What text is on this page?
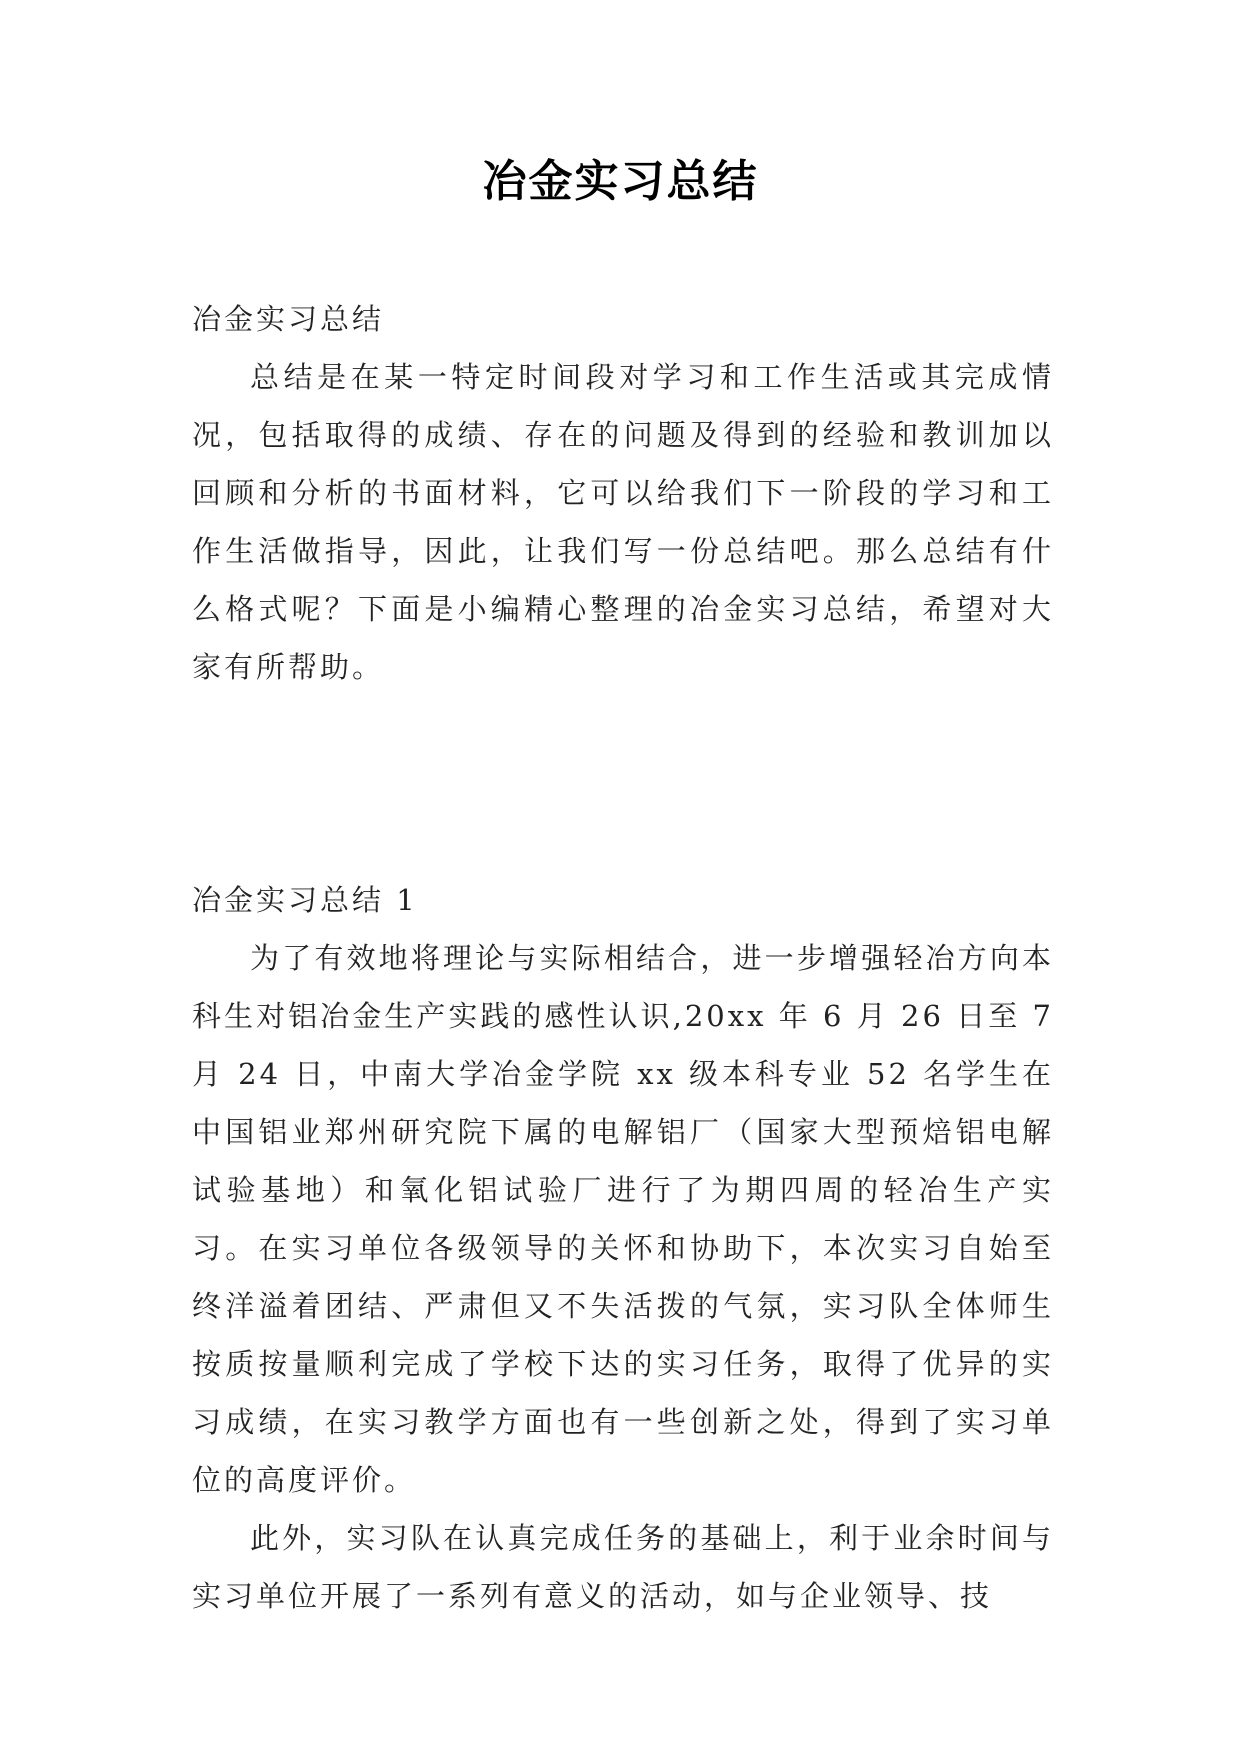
冶金实习总结

冶金实习总结

总结是在某一特定时间段对学习和工作生活或其完成情况，包括取得的成绩、存在的问题及得到的经验和教训加以回顾和分析的书面材料，它可以给我们下一阶段的学习和工作生活做指导，因此，让我们写一份总结吧。那么总结有什么格式呢？下面是小编精心整理的冶金实习总结，希望对大家有所帮助。

冶金实习总结 1

为了有效地将理论与实际相结合，进一步增强轻冶方向本科生对铝冶金生产实践的感性认识,20xx 年 6 月 26 日至 7 月 24 日，中南大学冶金学院 xx 级本科专业 52 名学生在中国铝业郑州研究院下属的电解铝厂（国家大型预焙铝电解试验基地）和氧化铝试验厂进行了为期四周的轻冶生产实习。在实习单位各级领导的关怀和协助下，本次实习自始至终洋溢着团结、严肃但又不失活拨的气氛，实习队全体师生按质按量顺利完成了学校下达的实习任务，取得了优异的实习成绩，在实习教学方面也有一些创新之处，得到了实习单位的高度评价。

此外，实习队在认真完成任务的基础上，利于业余时间与实习单位开展了一系列有意义的活动，如与企业领导、技
